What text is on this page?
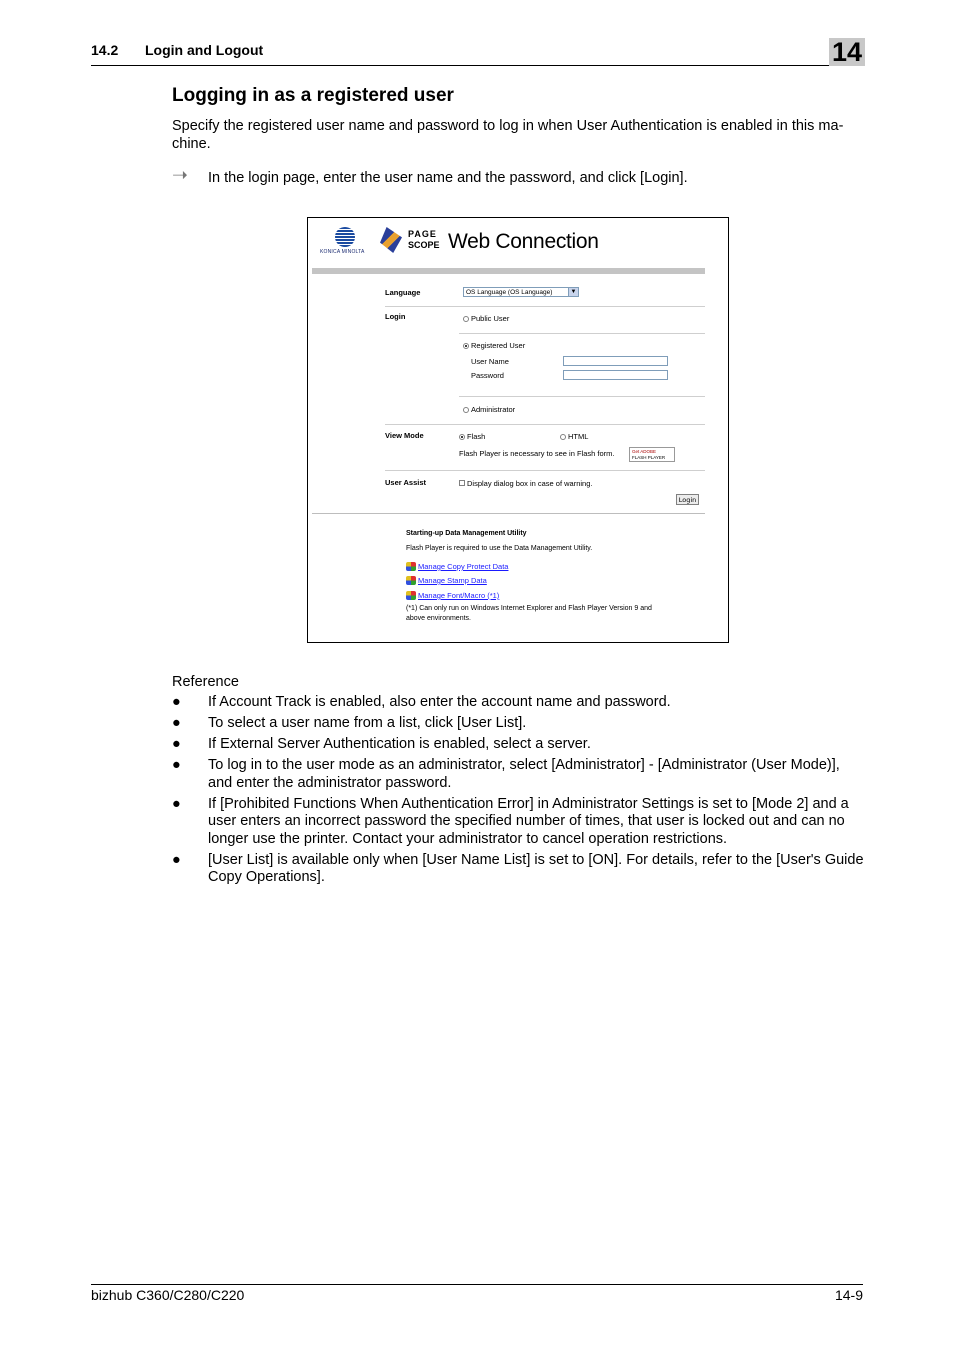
14.2 Login and Logout	14
Logging in as a registered user
Specify the registered user name and password to log in when User Authentication is enabled in this ma-chine.
➝ In the login page, enter the user name and the password, and click [Login].
KONICA MINOLTA
PAGE
SCOPE Web Connection
Language	OS Language (OS Language)	▼
Login	Public User
Registered User
User Name
Password
Administrator
View Mode	Flash	HTML
Flash Player is necessary to see in Flash form.	Get ADOBE
FLASH PLAYER
User Assist	Display dialog box in case of warning.
Login
Starting-up Data Management Utility
Flash Player is required to use the Data Management Utility.
Manage Copy Protect Data
Manage Stamp Data
Manage Font/Macro (*1)
(*1) Can only run on Windows Internet Explorer and Flash Player Version 9 and
above environments.
Reference
● If Account Track is enabled, also enter the account name and password.
● To select a user name from a list, click [User List].
● If External Server Authentication is enabled, select a server.
● To log in to the user mode as an administrator, select [Administrator] - [Administrator (User Mode)], and enter the administrator password.
● If [Prohibited Functions When Authentication Error] in Administrator Settings is set to [Mode 2] and a user enters an incorrect password the specified number of times, that user is locked out and can no longer use the printer. Contact your administrator to cancel operation restrictions.
● [User List] is available only when [User Name List] is set to [ON]. For details, refer to the [User's Guide Copy Operations].
bizhub C360/C280/C220	14-9
